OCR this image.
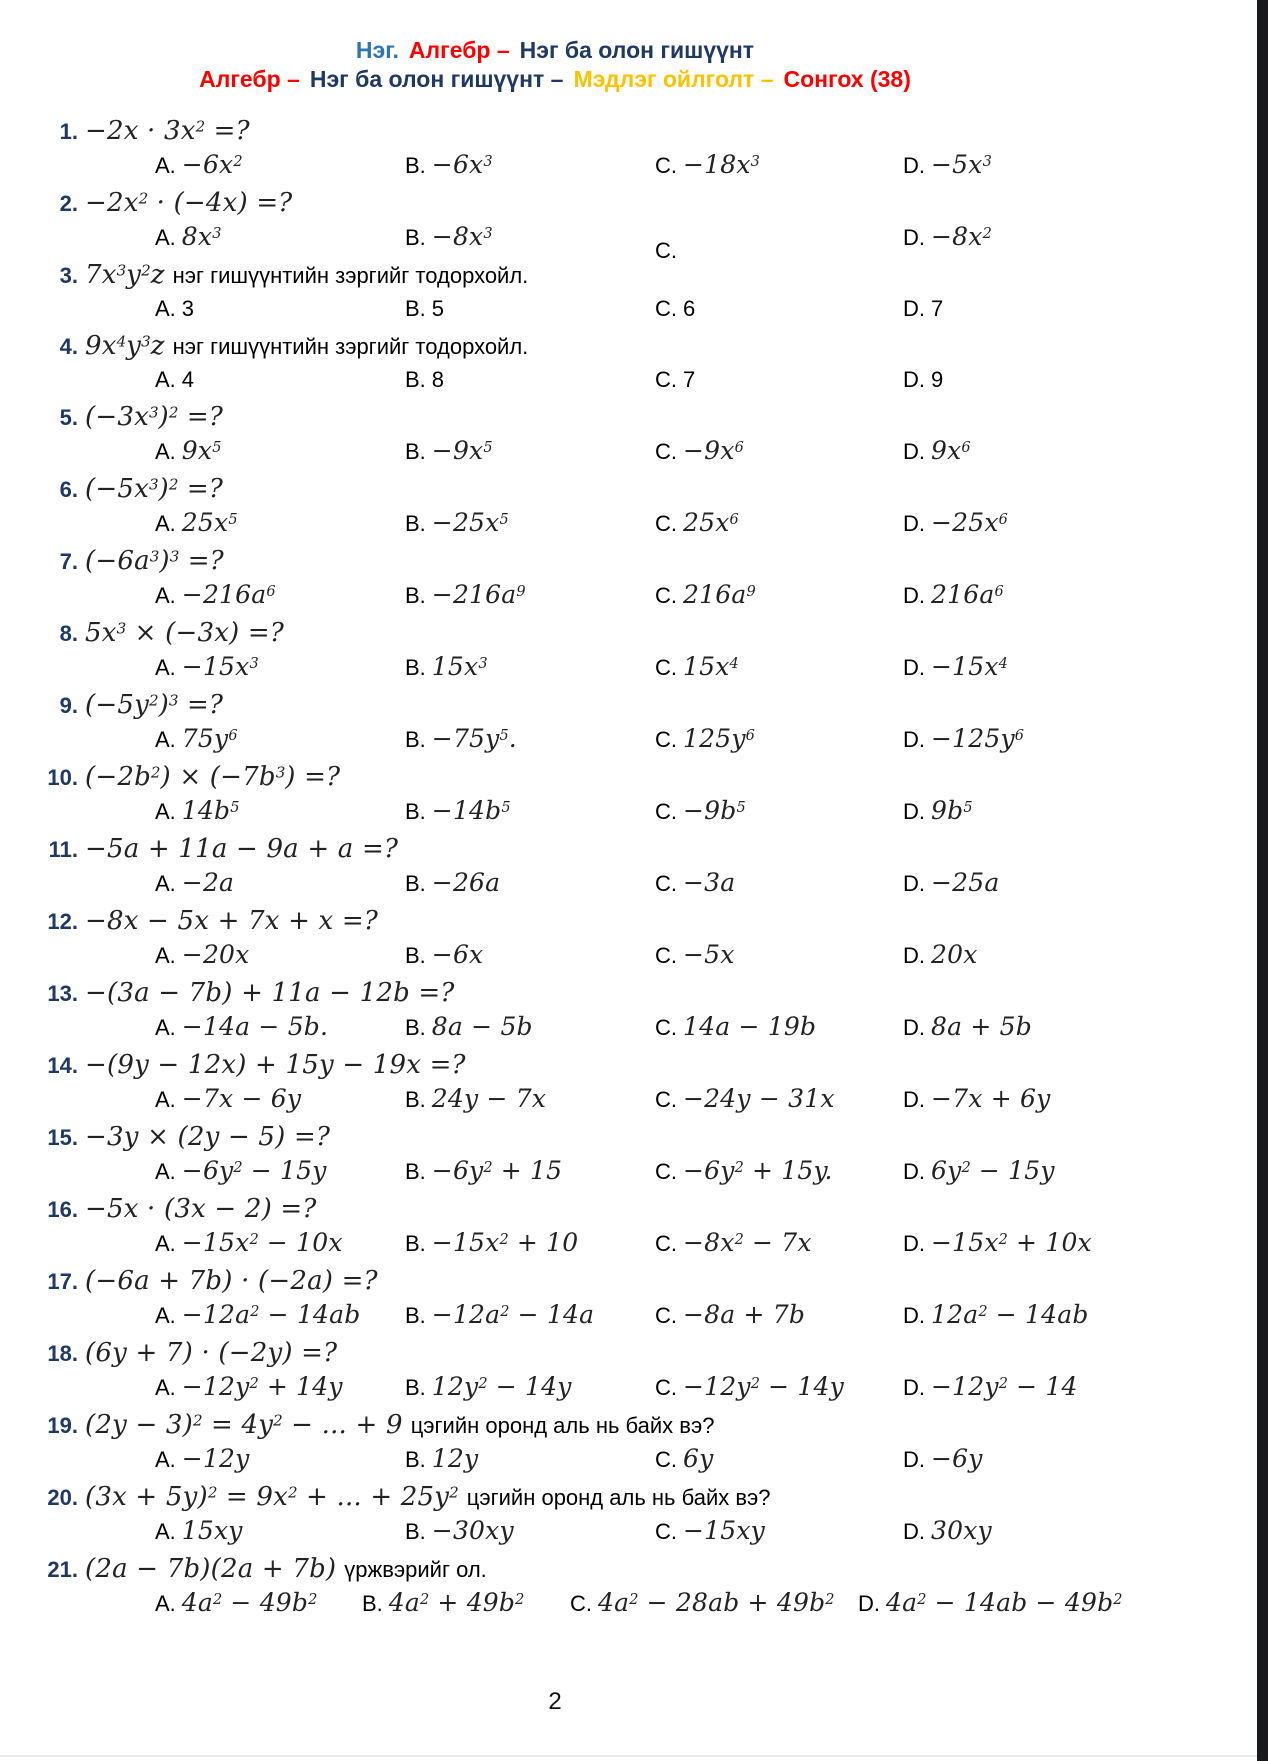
Нэг. Алгебр – Нэг ба олон гишүүнт
Алгебр – Нэг ба олон гишүүнт – Мэдлэг ойлголт – Сонгох (38)
1. $-2x \cdot 3x^2$ =?
A. $-6x^2$	B. $-6x^3$	C. $-18x^3$	D. $-5x^3$
2. $-2x^2 \cdot (-4x)$ =?
A. $8x^3$	B. $-8x^3$
C.
D. $-8x^2$
3. $7x^3y^2z$ нэг гишүүнтийн зэргийг тодорхойл.
A. 3	B. 5	C. 6	D. 7
4. $9x^4y^3z$ нэг гишүүнтийн зэргийг тодорхойл.
A. 4	B. 8	C. 7	D. 9
5. $(-3x^3)^2$ =?
A. $9x^5$	B. $-9x^5$	C. $-9x^6$	D. $9x^6$
6. $(-5x^3)^2$ =?
A. $25x^5$	B. $-25x^5$	C. $25x^6$	D. $-25x^6$
7. $(-6a^3)^3$ =?
A. $-216a^6$	B. $-216a^9$	C. $216a^9$	D. $216a^6$
8. $5x^3 \times (-3x)$ =?
A. $-15x^3$	B. $15x^3$	C. $15x^4$	D. $-15x^4$
9. $(-5y^2)^3$ =?
A. $75y^6$	B. $-75y^5$.	C. $125y^6$	D. $-125y^6$
10. $(-2b^2) \times (-7b^3)$ =?
A. $14b^5$	B. $-14b^5$	C. $-9b^5$	D. $9b^5$
11. −5a + 11a − 9a + a =?
A. −2a	B. −26a	C. −3a	D. −25a
12. −8x − 5x + 7x + x =?
A. −20x	B. −6x	C. −5x	D. 20x
13. −(3a − 7b) + 11a − 12b =?
A. −14a − 5b.	B. 8a − 5b	C. 14a − 19b	D. 8a + 5b
14. −(9y − 12x) + 15y − 19x =?
A. −7x − 6y	B. 24y − 7x	C. −24y − 31x	D. −7x + 6y
15. −3y × (2y − 5) =?
A. $-6y^2 - 15y$	B. $-6y^2 + 15$	C. $-6y^2 + 15y$.	D. $6y^2 - 15y$
16. −5x · (3x − 2) =?
A. $-15x^2 - 10x$	B. $-15x^2 + 10$	C. $-8x^2 - 7x$	D. $-15x^2 + 10x$
17. (−6a + 7b) · (−2a) =?
A. $-12a^2 - 14ab$	B. $-12a^2 - 14a$	C. −8a + 7b	D. $12a^2 - 14ab$
18. (6y + 7) · (−2y) =?
A. $-12y^2 + 14y$	B. $12y^2 - 14y$	C. $-12y^2 - 14y$	D. $-12y^2 - 14$
19. $(2y - 3)^2 = 4y^2$ − ... + 9 цэгийн оронд аль нь байх вэ?
A. −12y	B. 12y	C. 6y	D. −6y
20. $(3x + 5y)^2 = 9x^2$ + ... + $25y^2$ цэгийн оронд аль нь байх вэ?
A. 15xy	B. −30xy	C. −15xy	D. 30xy
21. (2a − 7b)(2a + 7b) үржвэрийг ол.
A. $4a^2 - 49b^2$	B. $4a^2 + 49b^2$	C. $4a^2 - 28ab + 49b^2$	D. $4a^2 - 14ab - 49b^2$
2
